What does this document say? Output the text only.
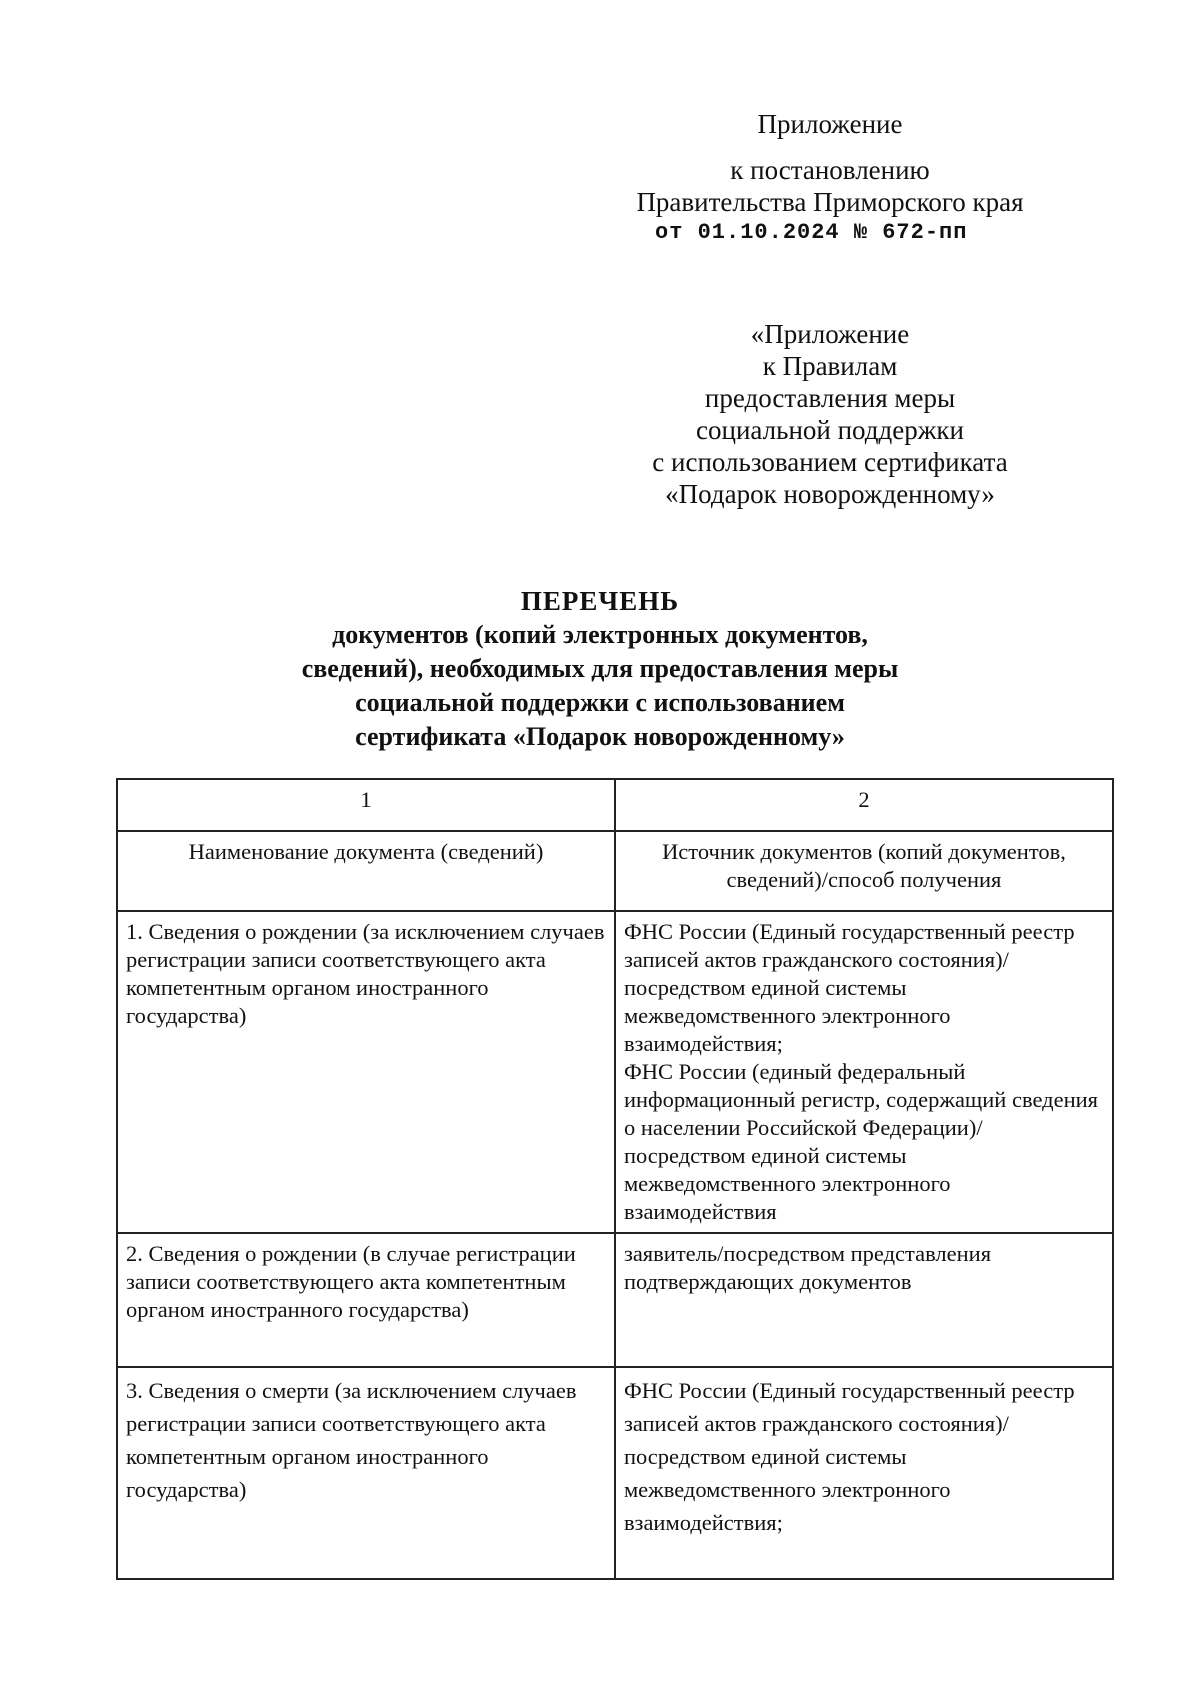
Приложение
к постановлению
Правительства Приморского края
от 01.10.2024 № 672-пп
«Приложение
к Правилам
предоставления меры
социальной поддержки
с использованием сертификата
«Подарок новорожденному»
ПЕРЕЧЕНЬ
документов (копий электронных документов,
сведений), необходимых для предоставления меры
социальной поддержки с использованием
сертификата «Подарок новорожденному»
1	2
Наименование документа (сведений)	Источник документов (копий документов, сведений)/способ получения
1. Сведения о рождении (за исключением случаев регистрации записи соответствующего акта компетентным органом иностранного государства)	ФНС России (Единый государственный реестр записей актов гражданского состояния)/посредством единой системы межведомственного электронного взаимодействия;
ФНС России (единый федеральный информационный регистр, содержащий сведения о населении Российской Федерации)/посредством единой системы межведомственного электронного взаимодействия

2. Сведения о рождении (в случае регистрации записи соответствующего акта компетентным органом иностранного государства)	заявитель/посредством представления подтверждающих документов

3. Сведения о смерти (за исключением случаев регистрации записи соответствующего акта компетентным органом иностранного государства)	ФНС России (Единый государственный реестр записей актов гражданского состояния)/посредством единой системы межведомственного электронного взаимодействия;
